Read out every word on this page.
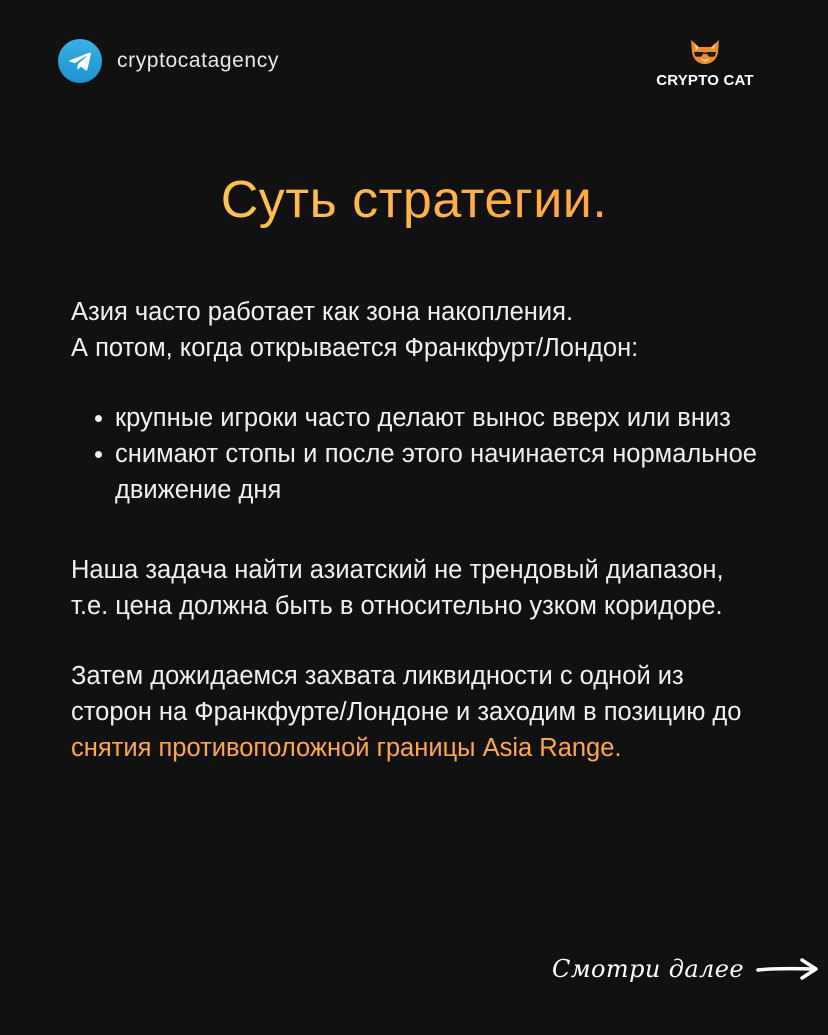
cryptocatagency
CRYPTO CAT
Суть стратегии.

Азия часто работает как зона накопления.

А потом, когда открывается Франкфурт/Лондон:

крупные игроки часто делают вынос вверх или вниз
снимают стопы и после этого начинается нормальное движение дня

Наша задача найти азиатский не трендовый диапазон, т.е. цена должна быть в относительно узком коридоре.

Затем дожидаемся захвата ликвидности с одной из сторон на Франкфурте/Лондоне и заходим в позицию до снятия противоположной границы Asia Range.

Смотри далее
